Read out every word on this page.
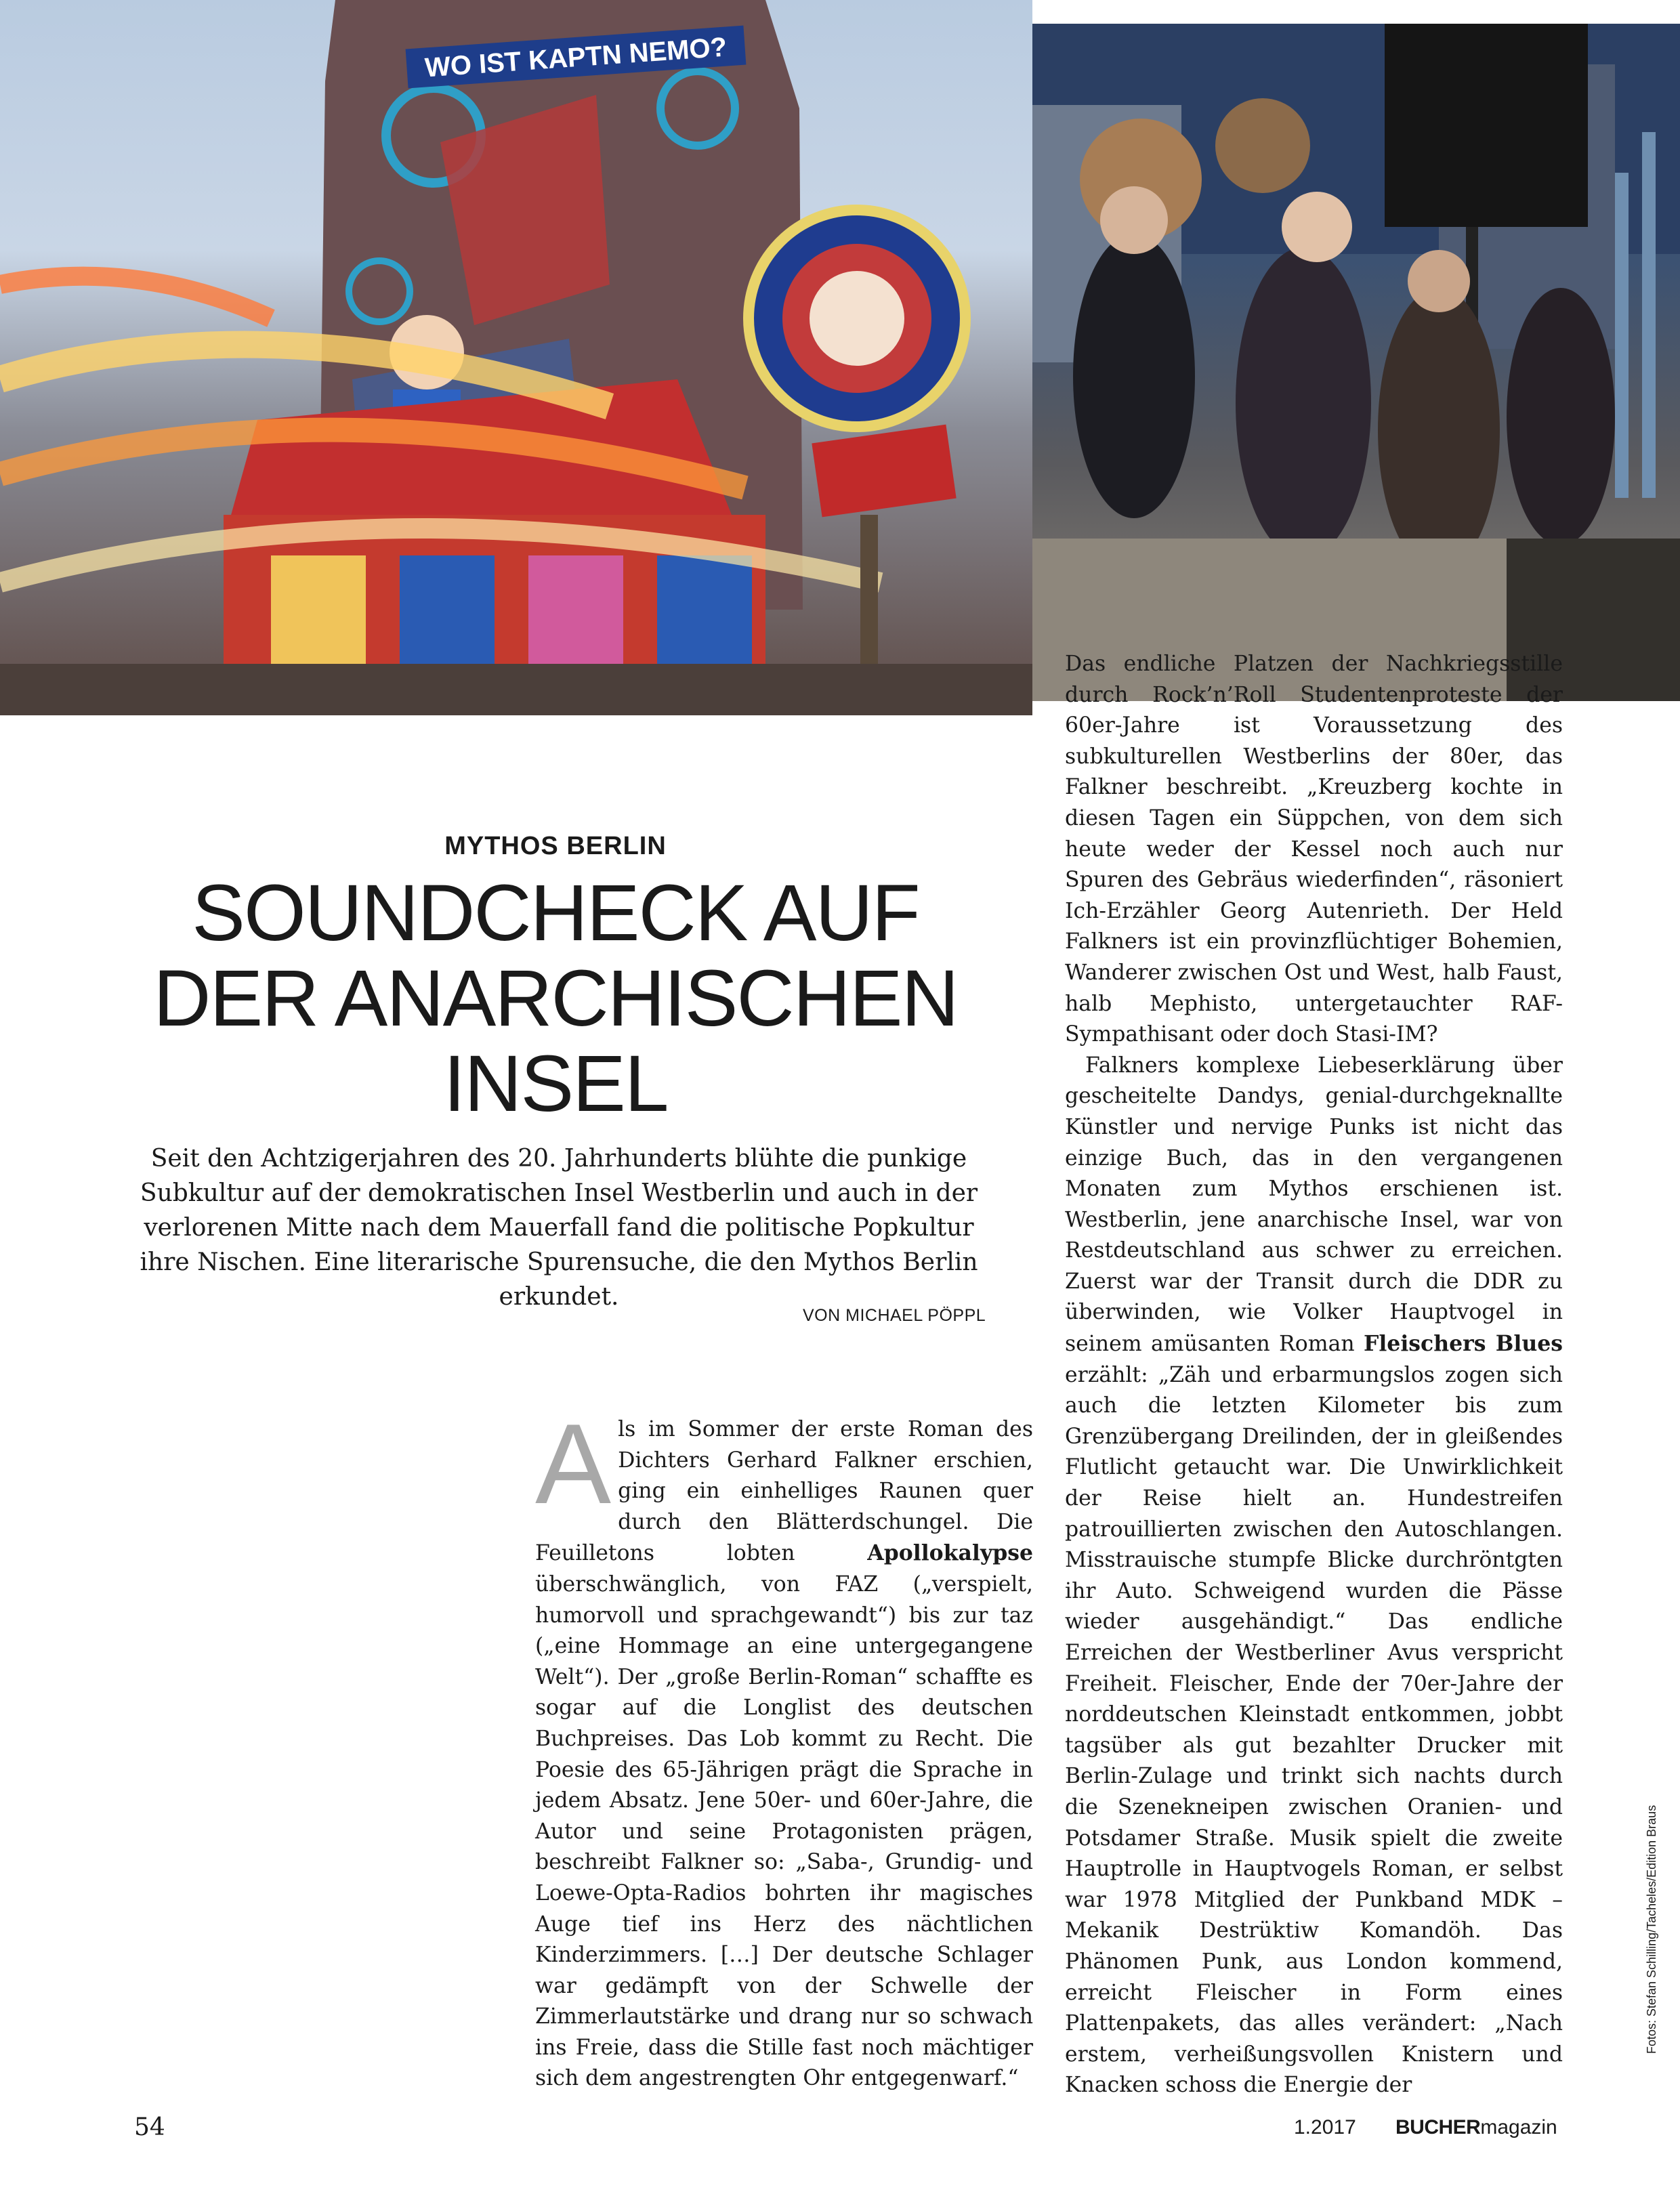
WO IST KAPTN NEMO?
MYTHOS BERLIN
SOUNDCHECK AUF DER ANARCHISCHEN INSEL

Seit den Achtzigerjahren des 20. Jahrhunderts blühte die punkige Subkultur auf der demokratischen Insel Westberlin und auch in der verlorenen Mitte nach dem Mauerfall fand die politische Popkultur ihre Nischen. Eine literarische Spurensuche, die den Mythos Berlin erkundet.

VON MICHAEL PÖPPL

Als im Sommer der erste Roman des Dichters Gerhard Falkner erschien, ging ein einhelliges Raunen quer durch den Blätterdschungel. Die Feuilletons lobten Apollokalypse überschwänglich, von FAZ („verspielt, humorvoll und sprachgewandt“) bis zur taz („eine Hommage an eine untergegangene Welt“). Der „große Berlin-Roman“ schaffte es sogar auf die Longlist des deutschen Buchpreises. Das Lob kommt zu Recht. Die Poesie des 65-Jährigen prägt die Sprache in jedem Absatz. Jene 50er- und 60er-Jahre, die Autor und seine Protagonisten prägen, beschreibt Falkner so: „Saba-, Grundig- und Loewe-Opta-Radios bohrten ihr magisches Auge tief ins Herz des nächtlichen Kinderzimmers. […] Der deutsche Schlager war gedämpft von der Schwelle der Zimmerlautstärke und drang nur so schwach ins Freie, dass die Stille fast noch mächtiger sich dem angestrengten Ohr entgegenwarf.“

Das endliche Platzen der Nachkriegsstille durch Rock’n’Roll Studentenproteste der 60er-Jahre ist Voraussetzung des subkulturellen Westberlins der 80er, das Falkner beschreibt. „Kreuzberg kochte in diesen Tagen ein Süppchen, von dem sich heute weder der Kessel noch auch nur Spuren des Gebräus wiederfinden“, räsoniert Ich-Erzähler Georg Autenrieth. Der Held Falkners ist ein provinzflüchtiger Bohemien, Wanderer zwischen Ost und West, halb Faust, halb Mephisto, untergetauchter RAF-Sympathisant oder doch Stasi-IM?

Falkners komplexe Liebeserklärung über gescheitelte Dandys, genial-durchgeknallte Künstler und nervige Punks ist nicht das einzige Buch, das in den vergangenen Monaten zum Mythos erschienen ist. Westberlin, jene anarchische Insel, war von Restdeutschland aus schwer zu erreichen. Zuerst war der Transit durch die DDR zu überwinden, wie Volker Hauptvogel in seinem amüsanten Roman Fleischers Blues erzählt: „Zäh und erbarmungslos zogen sich auch die letzten Kilometer bis zum Grenzübergang Dreilinden, der in gleißendes Flutlicht getaucht war. Die Unwirklichkeit der Reise hielt an. Hundestreifen patrouillierten zwischen den Autoschlangen. Misstrauische stumpfe Blicke durchröntgten ihr Auto. Schweigend wurden die Pässe wieder ausgehändigt.“ Das endliche Erreichen der Westberliner Avus verspricht Freiheit. Fleischer, Ende der 70er-Jahre der norddeutschen Kleinstadt entkommen, jobbt tagsüber als gut bezahlter Drucker mit Berlin-Zulage und trinkt sich nachts durch die Szenekneipen zwischen Oranien- und Potsdamer Straße. Musik spielt die zweite Hauptrolle in Hauptvogels Roman, er selbst war 1978 Mitglied der Punkband MDK – Mekanik Destrüktiw Komandöh. Das Phänomen Punk, aus London kommend, erreicht Fleischer in Form eines Plattenpakets, das alles verändert: „Nach erstem, verheißungsvollen Knistern und Knacken schoss die Energie der

Fotos: Stefan Schilling/Tacheles/Edition Braus
54	1.2017 BUCHERmagazin
